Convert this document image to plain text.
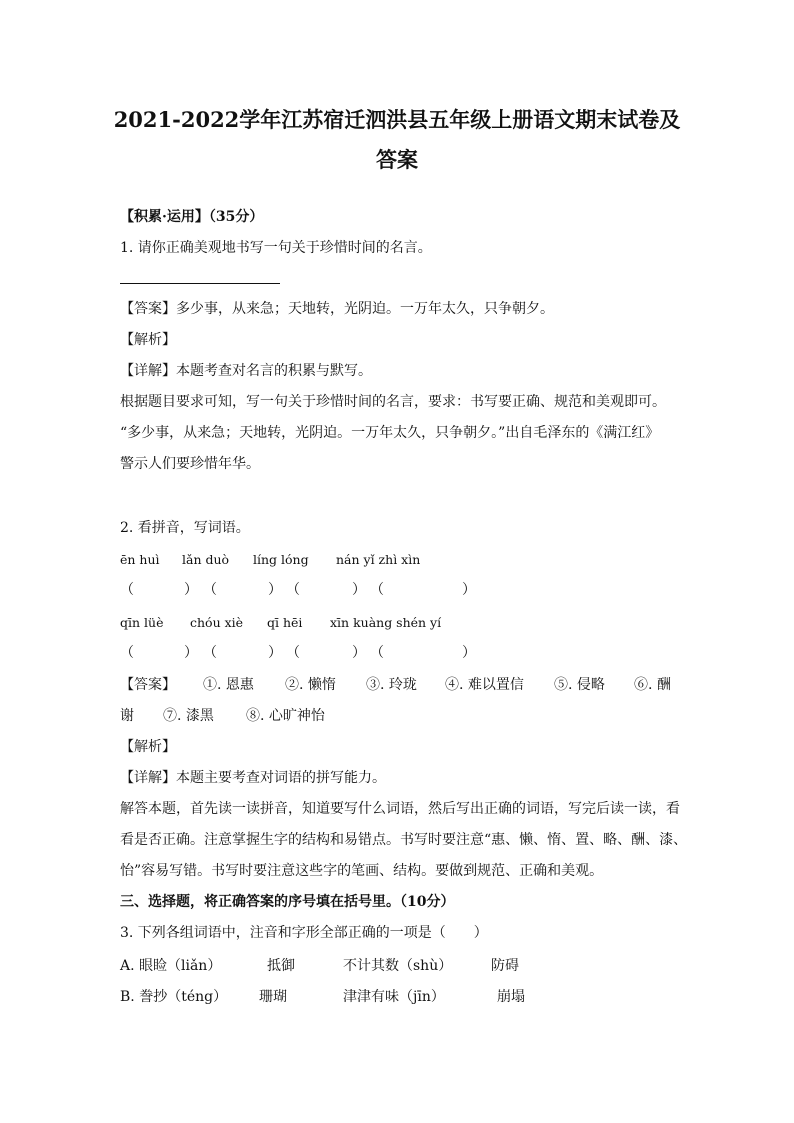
2021-2022学年江苏宿迁泗洪县五年级上册语文期末试卷及
答案
【积累·运用】（35分）
1. 请你正确美观地书写一句关于珍惜时间的名言。
【答案】多少事，从来急；天地转，光阴迫。一万年太久，只争朝夕。
【解析】
【详解】本题考查对名言的积累与默写。
根据题目要求可知，写一句关于珍惜时间的名言，要求：书写要正确、规范和美观即可。
“多少事，从来急；天地转，光阴迫。一万年太久，只争朝夕。”出自毛泽东的《满江红》
警示人们要珍惜年华。
2. 看拼音，写词语。
ēn huì lǎn duò líng lóng nán yǐ zhì xìn
（	） （	） （	） （	）
qīn lüè chóu xiè qī hēi xīn kuàng shén yí
（	） （	） （	） （	）
【答案】 ①. 恩惠 ②. 懒惰 ③. 玲珑 ④. 难以置信 ⑤. 侵略 ⑥. 酬
谢 ⑦. 漆黑 ⑧. 心旷神怡
【解析】
【详解】本题主要考查对词语的拼写能力。
解答本题，首先读一读拼音，知道要写什么词语，然后写出正确的词语，写完后读一读，看
看是否正确。注意掌握生字的结构和易错点。书写时要注意“惠、懒、惰、置、略、酬、漆、
怡”容易写错。书写时要注意这些字的笔画、结构。要做到规范、正确和美观。
三、选择题，将正确答案的序号填在括号里。（10分）
3. 下列各组词语中，注音和字形全部正确的一项是（　　）
A. 眼睑（liǎn）	抵御	不计其数（shù）	防碍
B. 誊抄（téng） 珊瑚	津津有味（jīn）	崩塌
